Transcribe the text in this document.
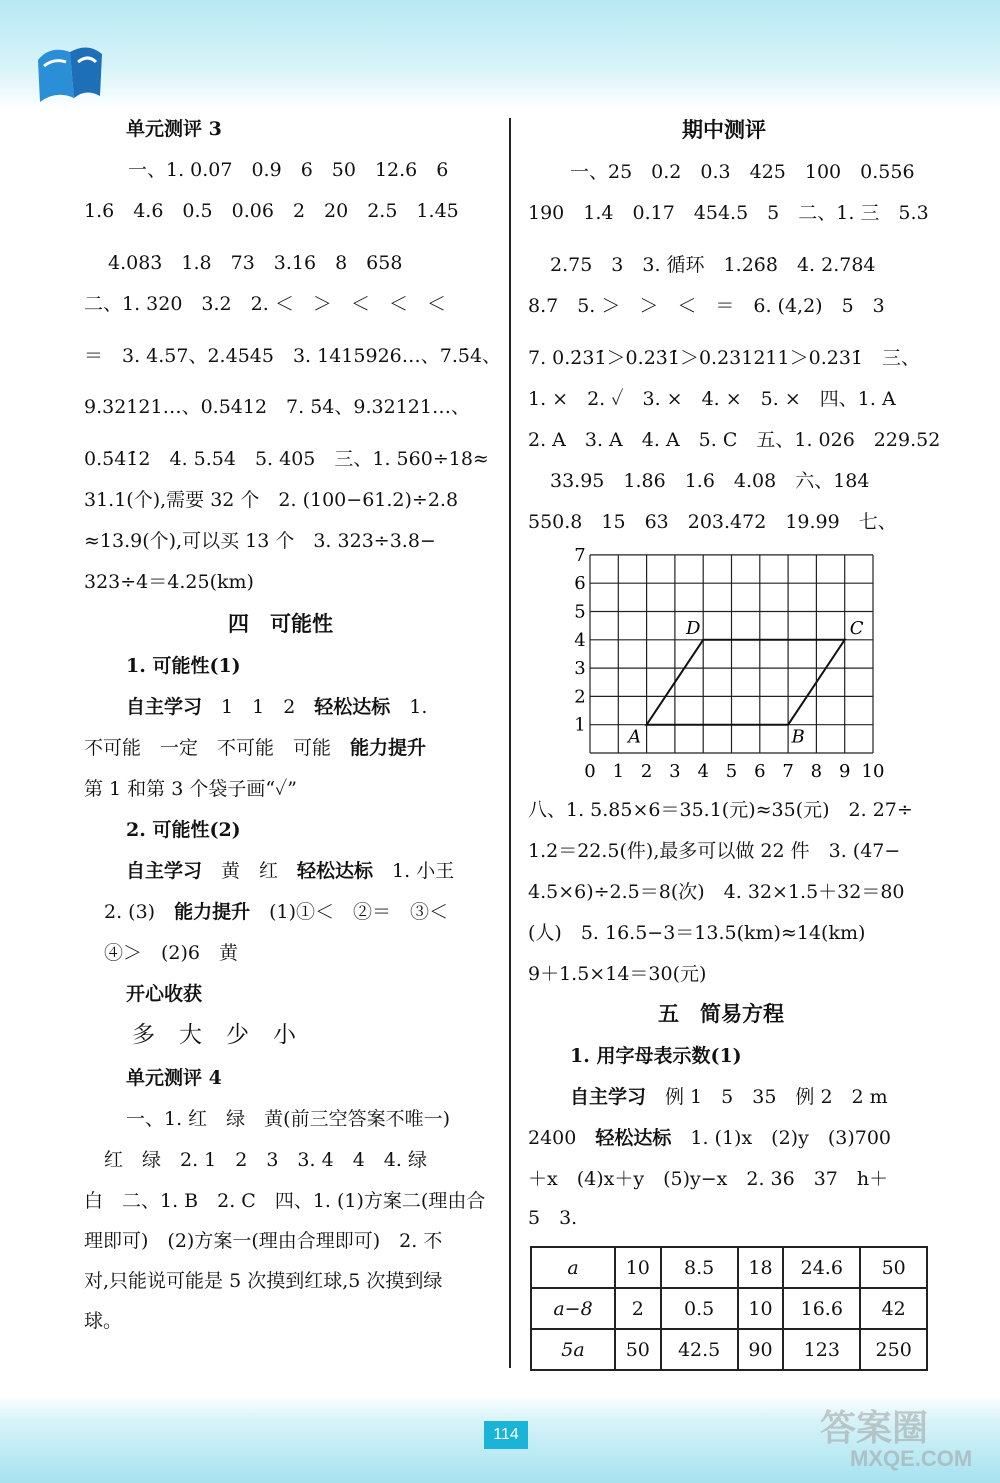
单元测评 3
一、1. 0.07　0.9　6　50　12.6　6
1.6　4.6　0.5　0.06　2　20　2.5　1.45
4.083̇　1.8　73　3.16　8　658
二、1. 320　3.2　2. ＜　＞　＜　＜　＜
＝　3. 4.57、2.4545　3. 1415926…、7.5̇4̇、
9.32121…、0.5412　7. 5̇4̇、9.32121…、
0.5̇41̇2　4. 5.54　5. 405　三、1. 560÷18≈
31.1(个),需要 32 个　2. (100−61.2)÷2.8
≈13.9(个),可以买 13 个　3. 323÷3.8−
323÷4＝4.25(km)
四　可能性
1. 可能性(1)
自主学习　1　1　2　轻松达标　1.
不可能　一定　不可能　可能　能力提升
第 1 和第 3 个袋子画“✓”
2. 可能性(2)
自主学习　黄　红　轻松达标　1. 小王
2. (3)　能力提升　(1)①＜　②＝　③＜
④＞　(2)6　黄
开心收获
多大少小
单元测评 4
一、1. 红　绿　黄(前三空答案不唯一)
红　绿　2. 1　2　3　3. 4　4　4. 绿
白　二、1. B　2. C　四、1. (1)方案二(理由合
理即可)　(2)方案一(理由合理即可)　2. 不
对,只能说可能是 5 次摸到红球,5 次摸到绿
球。
期中测评
一、25　0.2　0.3　425　100　0.556
190　1.4　0.17　454.5　5　二、1. 三　5.3
2.75　3　3. 循环　1.26̇8̇　4. 2.784
8.7　5. ＞　＞　＜　＝　6. (4,2)　5　3
7. 0.2̇31̇＞0.23̇1̇＞0.231211＞0.231̇　三、
1. ×　2. ✓　3. ×　4. ×　5. ×　四、1. A
2. A　3. A　4. A　5. C　五、1. 026　229.52
33.95　1.86　1.6　4.08　六、184
550.8　15　63　203.472　19.99　七、
0 1 2 3 4 5 6 7 8 9 10
1
2
3
4
5
6
7
A	B
C
D
八、1. 5.85×6＝35.1(元)≈35(元)　2. 27÷
1.2＝22.5(件),最多可以做 22 件　3. (47−
4.5×6)÷2.5＝8(次)　4. 32×1.5＋32＝80
(人)　5. 16.5−3＝13.5(km)≈14(km)
9＋1.5×14＝30(元)
五　简易方程
1. 用字母表示数(1)
自主学习　例 1　5　35　例 2　2 m
2400　轻松达标　1. (1)x　(2)y　(3)700
＋x　(4)x＋y　(5)y−x　2. 36　37　h＋
5　3.
a	10	8.5	18	24.6	50
a−8	2	0.5	10	16.6	42
5a	50	42.5	90	123	250
114	答案圈
MXQE.COM
